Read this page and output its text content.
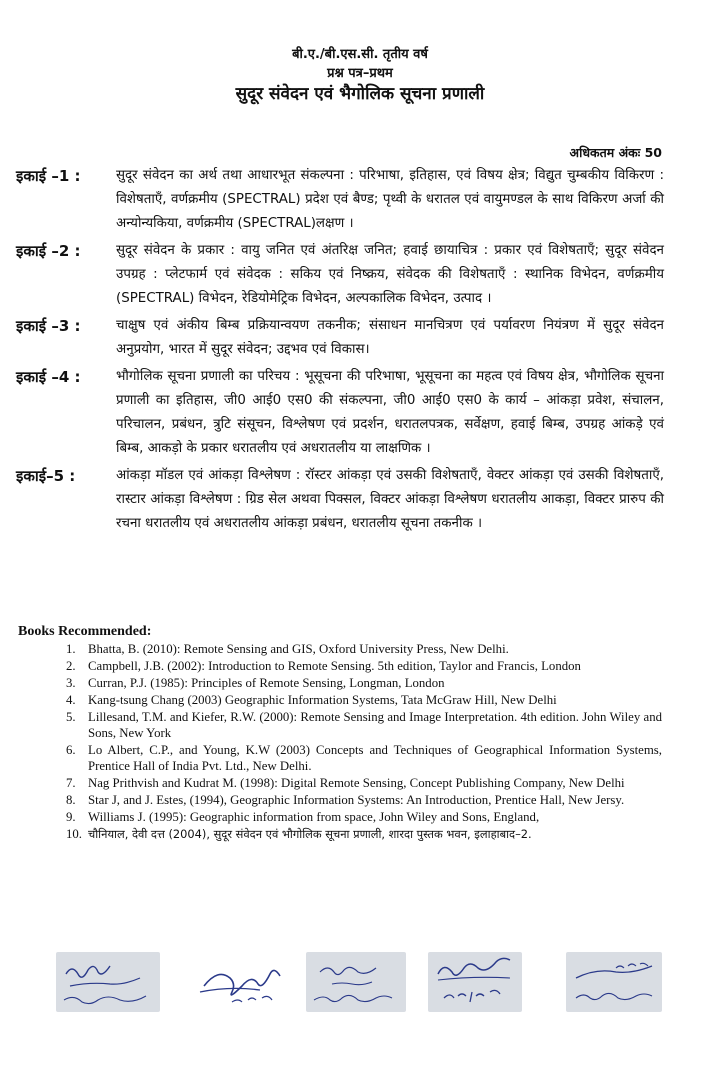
बी.ए./बी.एस.सी. तृतीय वर्ष
प्रश्न पत्र–प्रथम
सुदूर संवेदन एवं भैगोलिक सूचना प्रणाली
अधिकतम अंकः 50
इकाई –1 :	सुदूर संवेदन का अर्थ तथा आधारभूत संकल्पना : परिभाषा, इतिहास, एवं विषय क्षेत्र; विद्युत चुम्बकीय विकिरण : विशेषताएँ, वर्णक्रमीय (SPECTRAL) प्रदेश एवं बैण्ड; पृथ्वी के धरातल एवं वायुमण्डल के साथ विकिरण अर्जा की अन्योन्यकिया, वर्णक्रमीय (SPECTRAL)लक्षण ।
इकाई –2 :	सुदूर संवेदन के प्रकार : वायु जनित एवं अंतरिक्ष जनित; हवाई छायाचित्र : प्रकार एवं विशेषताएँ; सुदूर संवेदन उपग्रह : प्लेटफार्म एवं संवेदक : सकिय एवं निष्क्रय, संवेदक की विशेषताएँ : स्थानिक विभेदन, वर्णक्रमीय (SPECTRAL) विभेदन, रेडियोमेट्रिक विभेदन, अल्पकालिक विभेदन, उत्पाद ।
इकाई –3 :	चाक्षुष एवं अंकीय बिम्ब प्रक्रियान्वयण तकनीक; संसाधन मानचित्रण एवं पर्यावरण नियंत्रण में सुदूर संवेदन अनुप्रयोग, भारत में सुदूर संवेदन; उद्दभव एवं विकास।
इकाई –4 :	भौगोलिक सूचना प्रणाली का परिचय : भूसूचना की परिभाषा, भूसूचना का महत्व एवं विषय क्षेत्र, भौगोलिक सूचना प्रणाली का इतिहास, जी0 आई0 एस0 की संकल्पना, जी0 आई0 एस0 के कार्य – आंकड़ा प्रवेश, संचालन, परिचालन, प्रबंधन, त्रुटि संसूचन, विश्लेषण एवं प्रदर्शन, धरातलपत्रक, सर्वेक्षण, हवाई बिम्ब, उपग्रह आंकड़े एवं बिम्ब, आकड़ो के प्रकार धरातलीय एवं अधरातलीय या लाक्षणिक ।
इकाई–5 :	आंकड़ा मॉडल एवं आंकड़ा विश्लेषण : रॉस्टर आंकड़ा एवं उसकी विशेषताएँ, वेक्टर आंकड़ा एवं उसकी विशेषताएँ, रास्टार आंकड़ा विश्लेषण : ग्रिड सेल अथवा पिक्सल, विक्टर आंकड़ा विश्लेषण धरातलीय आकड़ा, विक्टर प्रारुप की रचना धरातलीय एवं अधरातलीय आंकड़ा प्रबंधन, धरातलीय सूचना तकनीक ।
Books Recommended:
1. Bhatta, B. (2010): Remote Sensing and GIS, Oxford University Press, New Delhi.
2. Campbell, J.B. (2002): Introduction to Remote Sensing. 5th edition, Taylor and Francis, London
3. Curran, P.J. (1985): Principles of Remote Sensing, Longman, London
4. Kang-tsung Chang (2003) Geographic Information Systems, Tata McGraw Hill, New Delhi
5. Lillesand, T.M. and Kiefer, R.W. (2000): Remote Sensing and Image Interpretation. 4th edition. John Wiley and Sons, New York
6. Lo Albert, C.P., and Young, K.W (2003) Concepts and Techniques of Geographical Information Systems, Prentice Hall of India Pvt. Ltd., New Delhi.
7. Nag Prithvish and Kudrat M. (1998): Digital Remote Sensing, Concept Publishing Company, New Delhi
8. Star J, and J. Estes, (1994), Geographic Information Systems: An Introduction, Prentice Hall, New Jersy.
9. Williams J. (1995): Geographic information from space, John Wiley and Sons, England,
10. चौनियाल, देवी दत्त (2004), सुदूर संवेदन एवं भौगोलिक सूचना प्रणाली, शारदा पुस्तक भवन, इलाहाबाद–2.
